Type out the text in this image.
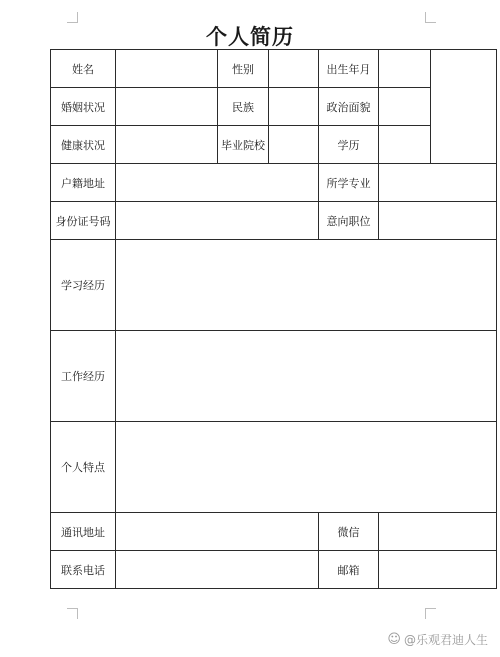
个人简历
姓名		性别		出生年月		
婚姻状况		民族		政治面貌		
健康状况		毕业院校		学历		
户籍地址				所学专业		
身份证号码				意向职位		
学习经历						
工作经历						
个人特点						
通讯地址				微信		
联系电话				邮箱		
☺ @乐观君迪人生
